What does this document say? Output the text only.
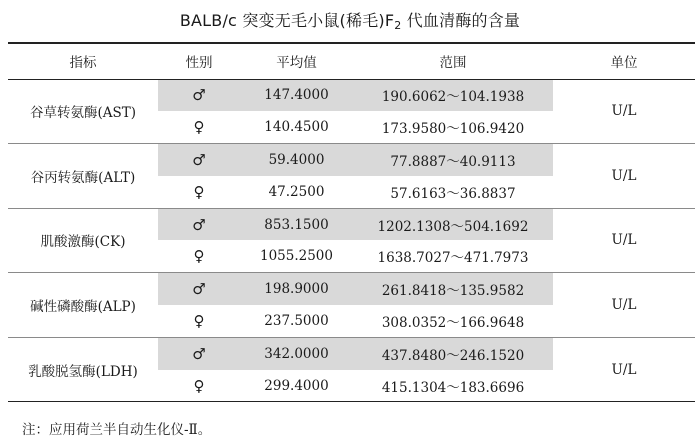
BALB/c 突变无毛小鼠(稀毛)$F_2$ 代血清酶的含量
指标	性别	平均值	范围	单位
谷草转氨酶(AST)	♂	147.4000	190.6062～104.1938	U/L
	♀	140.4500	173.9580～106.9420	
谷丙转氨酶(ALT)	♂	59.4000	77.8887～40.9113	U/L
	♀	47.2500	57.6163～36.8837	
肌酸激酶(CK)	♂	853.1500	1202.1308～504.1692	U/L
	♀	1055.2500	1638.7027～471.7973	
碱性磷酸酶(ALP)	♂	198.9000	261.8418～135.9582	U/L
	♀	237.5000	308.0352～166.9648	
乳酸脱氢酶(LDH)	♂	342.0000	437.8480～246.1520	U/L
	♀	299.4000	415.1304～183.6696	
注：应用荷兰半自动生化仪-Ⅱ。
